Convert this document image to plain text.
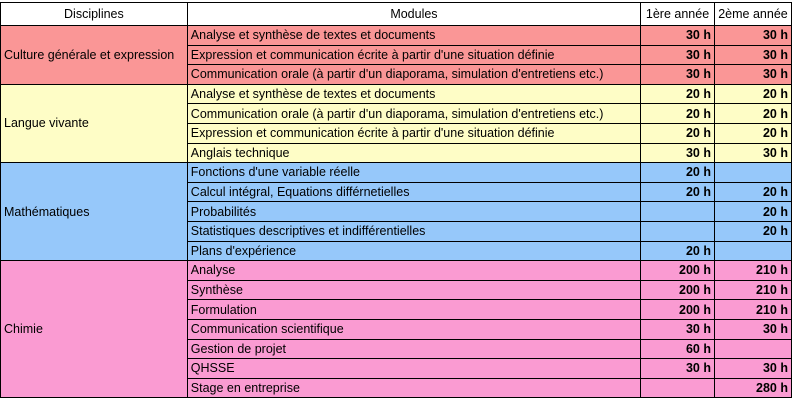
Disciplines	Modules	1ère année	2ème année
Culture générale et expression	Analyse et synthèse de textes et documents	30 h	30 h
	Expression et communication écrite à partir d'une situation définie	30 h	30 h
	Communication orale (à partir d'un diaporama, simulation d'entretiens etc.)	30 h	30 h
Langue vivante	Analyse et synthèse de textes et documents	20 h	20 h
	Communication orale (à partir d'un diaporama, simulation d'entretiens etc.)	20 h	20 h
	Expression et communication écrite à partir d'une situation définie	20 h	20 h
	Anglais technique	30 h	30 h
Mathématiques	Fonctions d'une variable réelle	20 h	
	Calcul intégral, Equations différnetielles	20 h	20 h
	Probabilités		20 h
	Statistiques descriptives et indifférentielles		20 h
	Plans d'expérience	20 h	
Chimie	Analyse	200 h	210 h
	Synthèse	200 h	210 h
	Formulation	200 h	210 h
	Communication scientifique	30 h	30 h
	Gestion de projet	60 h	
	QHSSE	30 h	30 h
	Stage en entreprise		280 h
